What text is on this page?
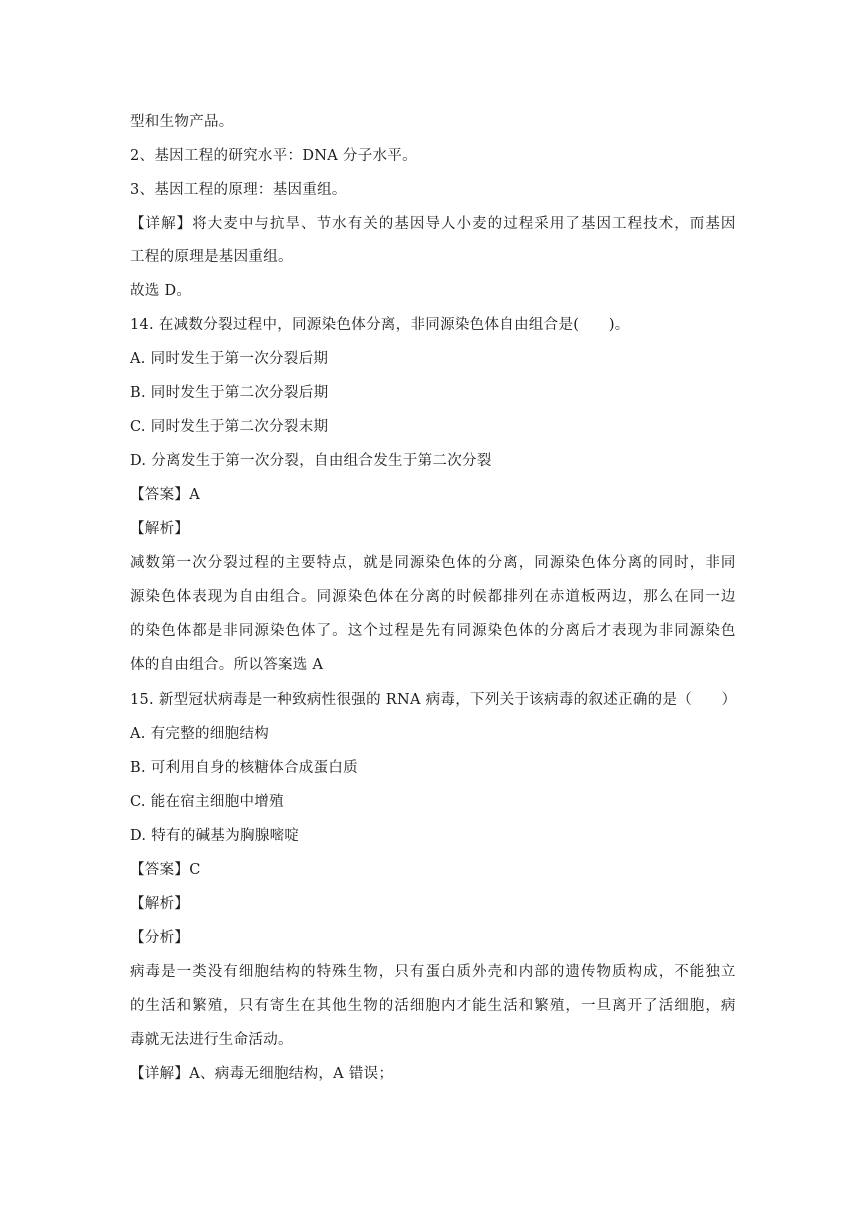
型和生物产品。
2、基因工程的研究水平：DNA 分子水平。
3、基因工程的原理：基因重组。
【详解】将大麦中与抗旱、节水有关的基因导人小麦的过程采用了基因工程技术，而基因
工程的原理是基因重组。
故选 D。
14. 在减数分裂过程中，同源染色体分离，非同源染色体自由组合是(　　)。
A. 同时发生于第一次分裂后期
B. 同时发生于第二次分裂后期
C. 同时发生于第二次分裂末期
D. 分离发生于第一次分裂，自由组合发生于第二次分裂
【答案】A
【解析】
减数第一次分裂过程的主要特点，就是同源染色体的分离，同源染色体分离的同时，非同
源染色体表现为自由组合。同源染色体在分离的时候都排列在赤道板两边，那么在同一边
的染色体都是非同源染色体了。这个过程是先有同源染色体的分离后才表现为非同源染色
体的自由组合。所以答案选 A
15. 新型冠状病毒是一种致病性很强的 RNA 病毒，下列关于该病毒的叙述正确的是（　　）
A. 有完整的细胞结构
B. 可利用自身的核糖体合成蛋白质
C. 能在宿主细胞中增殖
D. 特有的碱基为胸腺嘧啶
【答案】C
【解析】
【分析】
病毒是一类没有细胞结构的特殊生物，只有蛋白质外壳和内部的遗传物质构成，不能独立
的生活和繁殖，只有寄生在其他生物的活细胞内才能生活和繁殖，一旦离开了活细胞，病
毒就无法进行生命活动。
【详解】A、病毒无细胞结构，A 错误；
